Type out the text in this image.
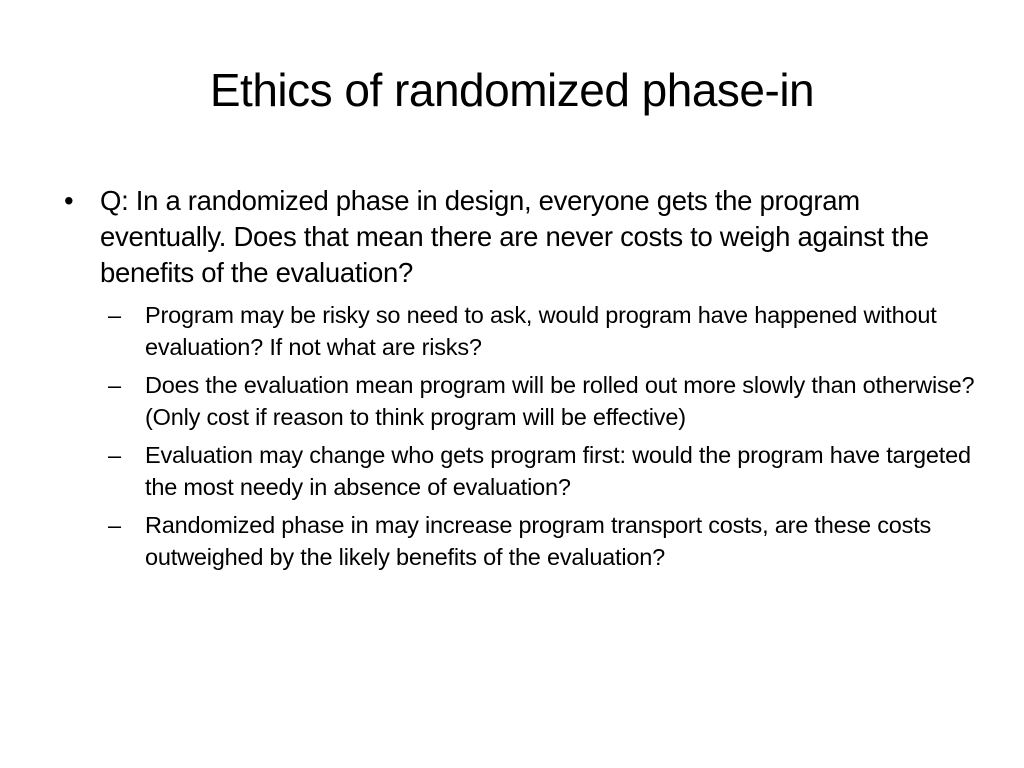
Ethics of randomized phase-in
• Q: In a randomized phase in design, everyone gets the program eventually. Does that mean there are never costs to weigh against the benefits of the evaluation?
– Program may be risky so need to ask, would program have happened without evaluation? If not what are risks?
– Does the evaluation mean program will be rolled out more slowly than otherwise? (Only cost if reason to think program will be effective)
– Evaluation may change who gets program first: would the program have targeted the most needy in absence of evaluation?
– Randomized phase in may increase program transport costs, are these costs outweighed by the likely benefits of the evaluation?
